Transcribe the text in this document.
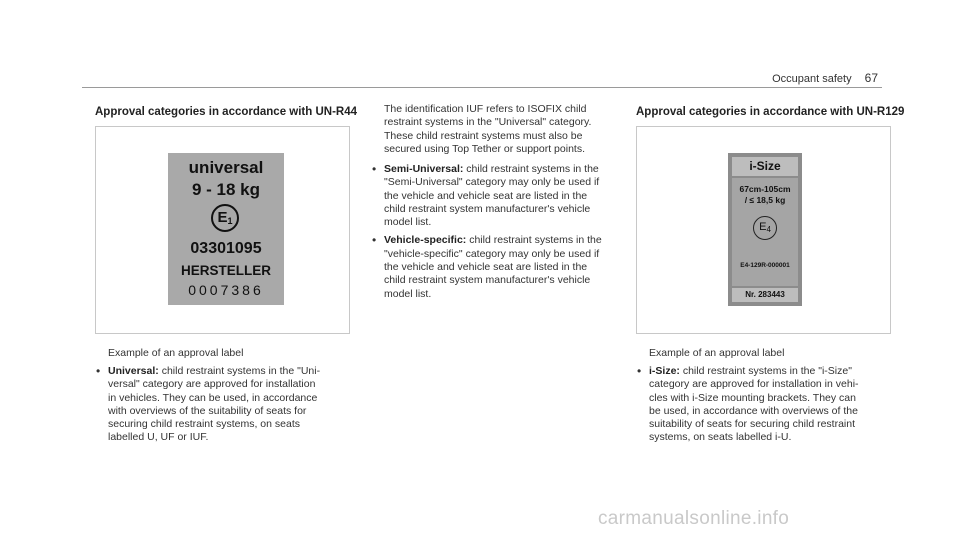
Occupant safety 67
Approval categories in accordance with UN-R44
universal
9 - 18 kg
$E_1$
03301095
HERSTELLER
0007386
Example of an approval label
• Universal: child restraint systems in the "Uni-
versal" category are approved for installation
in vehicles. They can be used, in accordance
with overviews of the suitability of seats for
securing child restraint systems, on seats
labelled U, UF or IUF.
The identification IUF refers to ISOFIX child
restraint systems in the "Universal" category.
These child restraint systems must also be
secured using Top Tether or support points.
• Semi-Universal: child restraint systems in the
"Semi-Universal" category may only be used if
the vehicle and vehicle seat are listed in the
child restraint system manufacturer's vehicle
model list.
• Vehicle-specific: child restraint systems in the
"vehicle-specific" category may only be used if
the vehicle and vehicle seat are listed in the
child restraint system manufacturer's vehicle
model list.
Approval categories in accordance with UN-R129
i-Size
67cm-105cm
/ ≤ 18,5 kg
$E_4$
E4-129R-000001
Nr. 283443
Example of an approval label
• i-Size: child restraint systems in the "i-Size"
category are approved for installation in vehi-
cles with i-Size mounting brackets. They can
be used, in accordance with overviews of the
suitability of seats for securing child restraint
systems, on seats labelled i-U.
carmanualsonline.info
